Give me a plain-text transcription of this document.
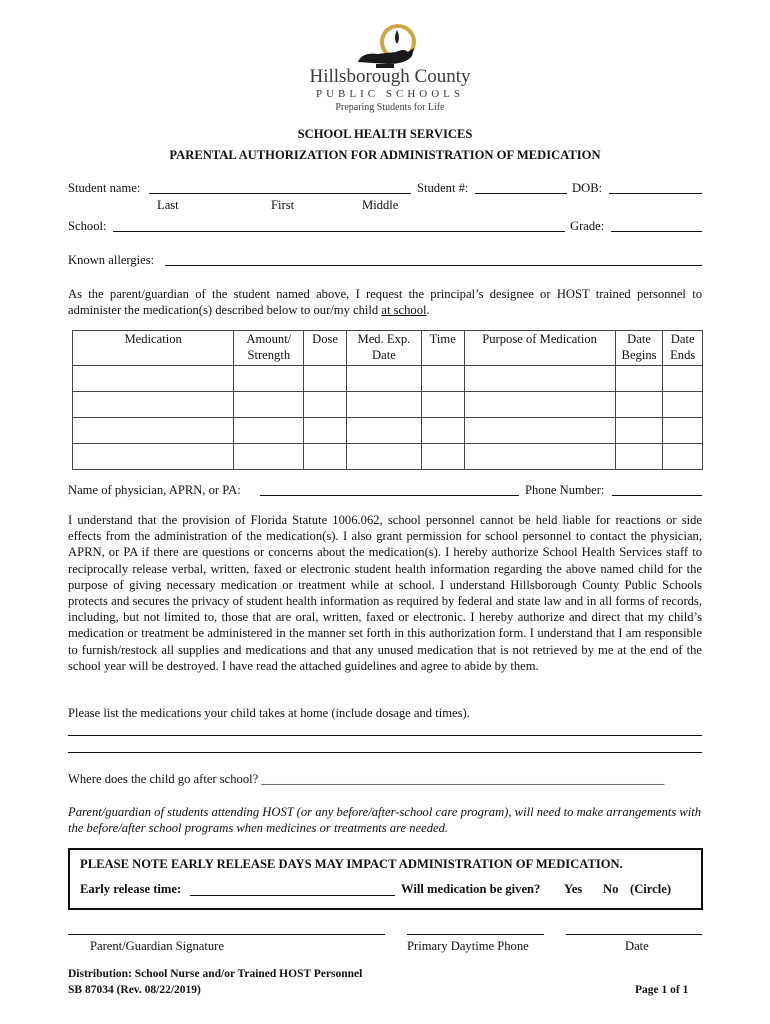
Hillsborough County
PUBLIC SCHOOLS
Preparing Students for Life
SCHOOL HEALTH SERVICES
PARENTAL AUTHORIZATION FOR ADMINISTRATION OF MEDICATION
Student name:	Student #:	DOB:
Last	First	Middle
School:	Grade:
Known allergies:
As the parent/guardian of the student named above, I request the principal’s designee or HOST trained personnel to administer the medication(s) described below to our/my child at school.
Medication	Amount/ Strength	Dose	Med. Exp. Date	Time	Purpose of Medication	Date Begins	Date Ends

Name of physician, APRN, or PA:	Phone Number:
I understand that the provision of Florida Statute 1006.062, school personnel cannot be held liable for reactions or side effects from the administration of the medication(s). I also grant permission for school personnel to contact the physician, APRN, or PA if there are questions or concerns about the medication(s). I hereby authorize School Health Services staff to reciprocally release verbal, written, faxed or electronic student health information regarding the above named child for the purpose of giving necessary medication or treatment while at school. I understand Hillsborough County Public Schools protects and secures the privacy of student health information as required by federal and state law and in all forms of records, including, but not limited to, those that are oral, written, faxed or electronic. I hereby authorize and direct that my child’s medication or treatment be administered in the manner set forth in this authorization form. I understand that I am responsible to furnish/restock all supplies and medications and that any unused medication that is not retrieved by me at the end of the school year will be destroyed. I have read the attached guidelines and agree to abide by them.
Please list the medications your child takes at home (include dosage and times).
Where does the child go after school? ________________________________________________________________
Parent/guardian of students attending HOST (or any before/after-school care program), will need to make arrangements with the before/after school programs when medicines or treatments are needed.
PLEASE NOTE EARLY RELEASE DAYS MAY IMPACT ADMINISTRATION OF MEDICATION.
Early release time:	Will medication be given? Yes No (Circle)
Parent/Guardian Signature	Primary Daytime Phone	Date
Distribution: School Nurse and/or Trained HOST Personnel
SB 87034 (Rev. 08/22/2019)	Page 1 of 1
